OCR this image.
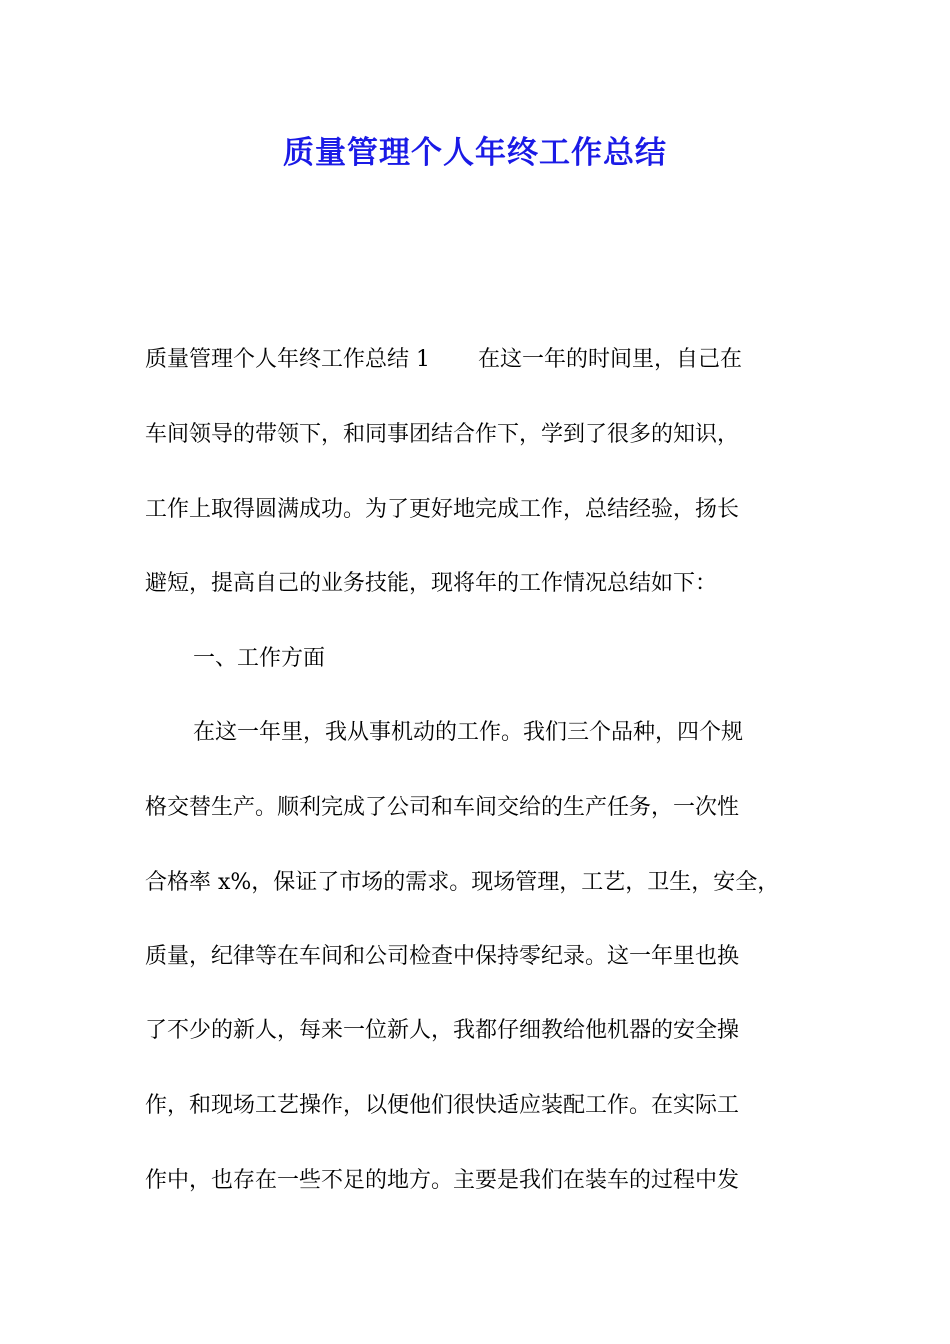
质量管理个人年终工作总结

质量管理个人年终工作总结 1 在这一年的时间里，自己在

车间领导的带领下，和同事团结合作下，学到了很多的知识，

工作上取得圆满成功。为了更好地完成工作，总结经验，扬长

避短，提高自己的业务技能，现将年的工作情况总结如下：

一、工作方面

在这一年里，我从事机动的工作。我们三个品种，四个规

格交替生产。顺利完成了公司和车间交给的生产任务，一次性

合格率 x%，保证了市场的需求。现场管理，工艺，卫生，安全，

质量，纪律等在车间和公司检查中保持零纪录。这一年里也换

了不少的新人，每来一位新人，我都仔细教给他机器的安全操

作，和现场工艺操作，以便他们很快适应装配工作。在实际工

作中，也存在一些不足的地方。主要是我们在装车的过程中发
